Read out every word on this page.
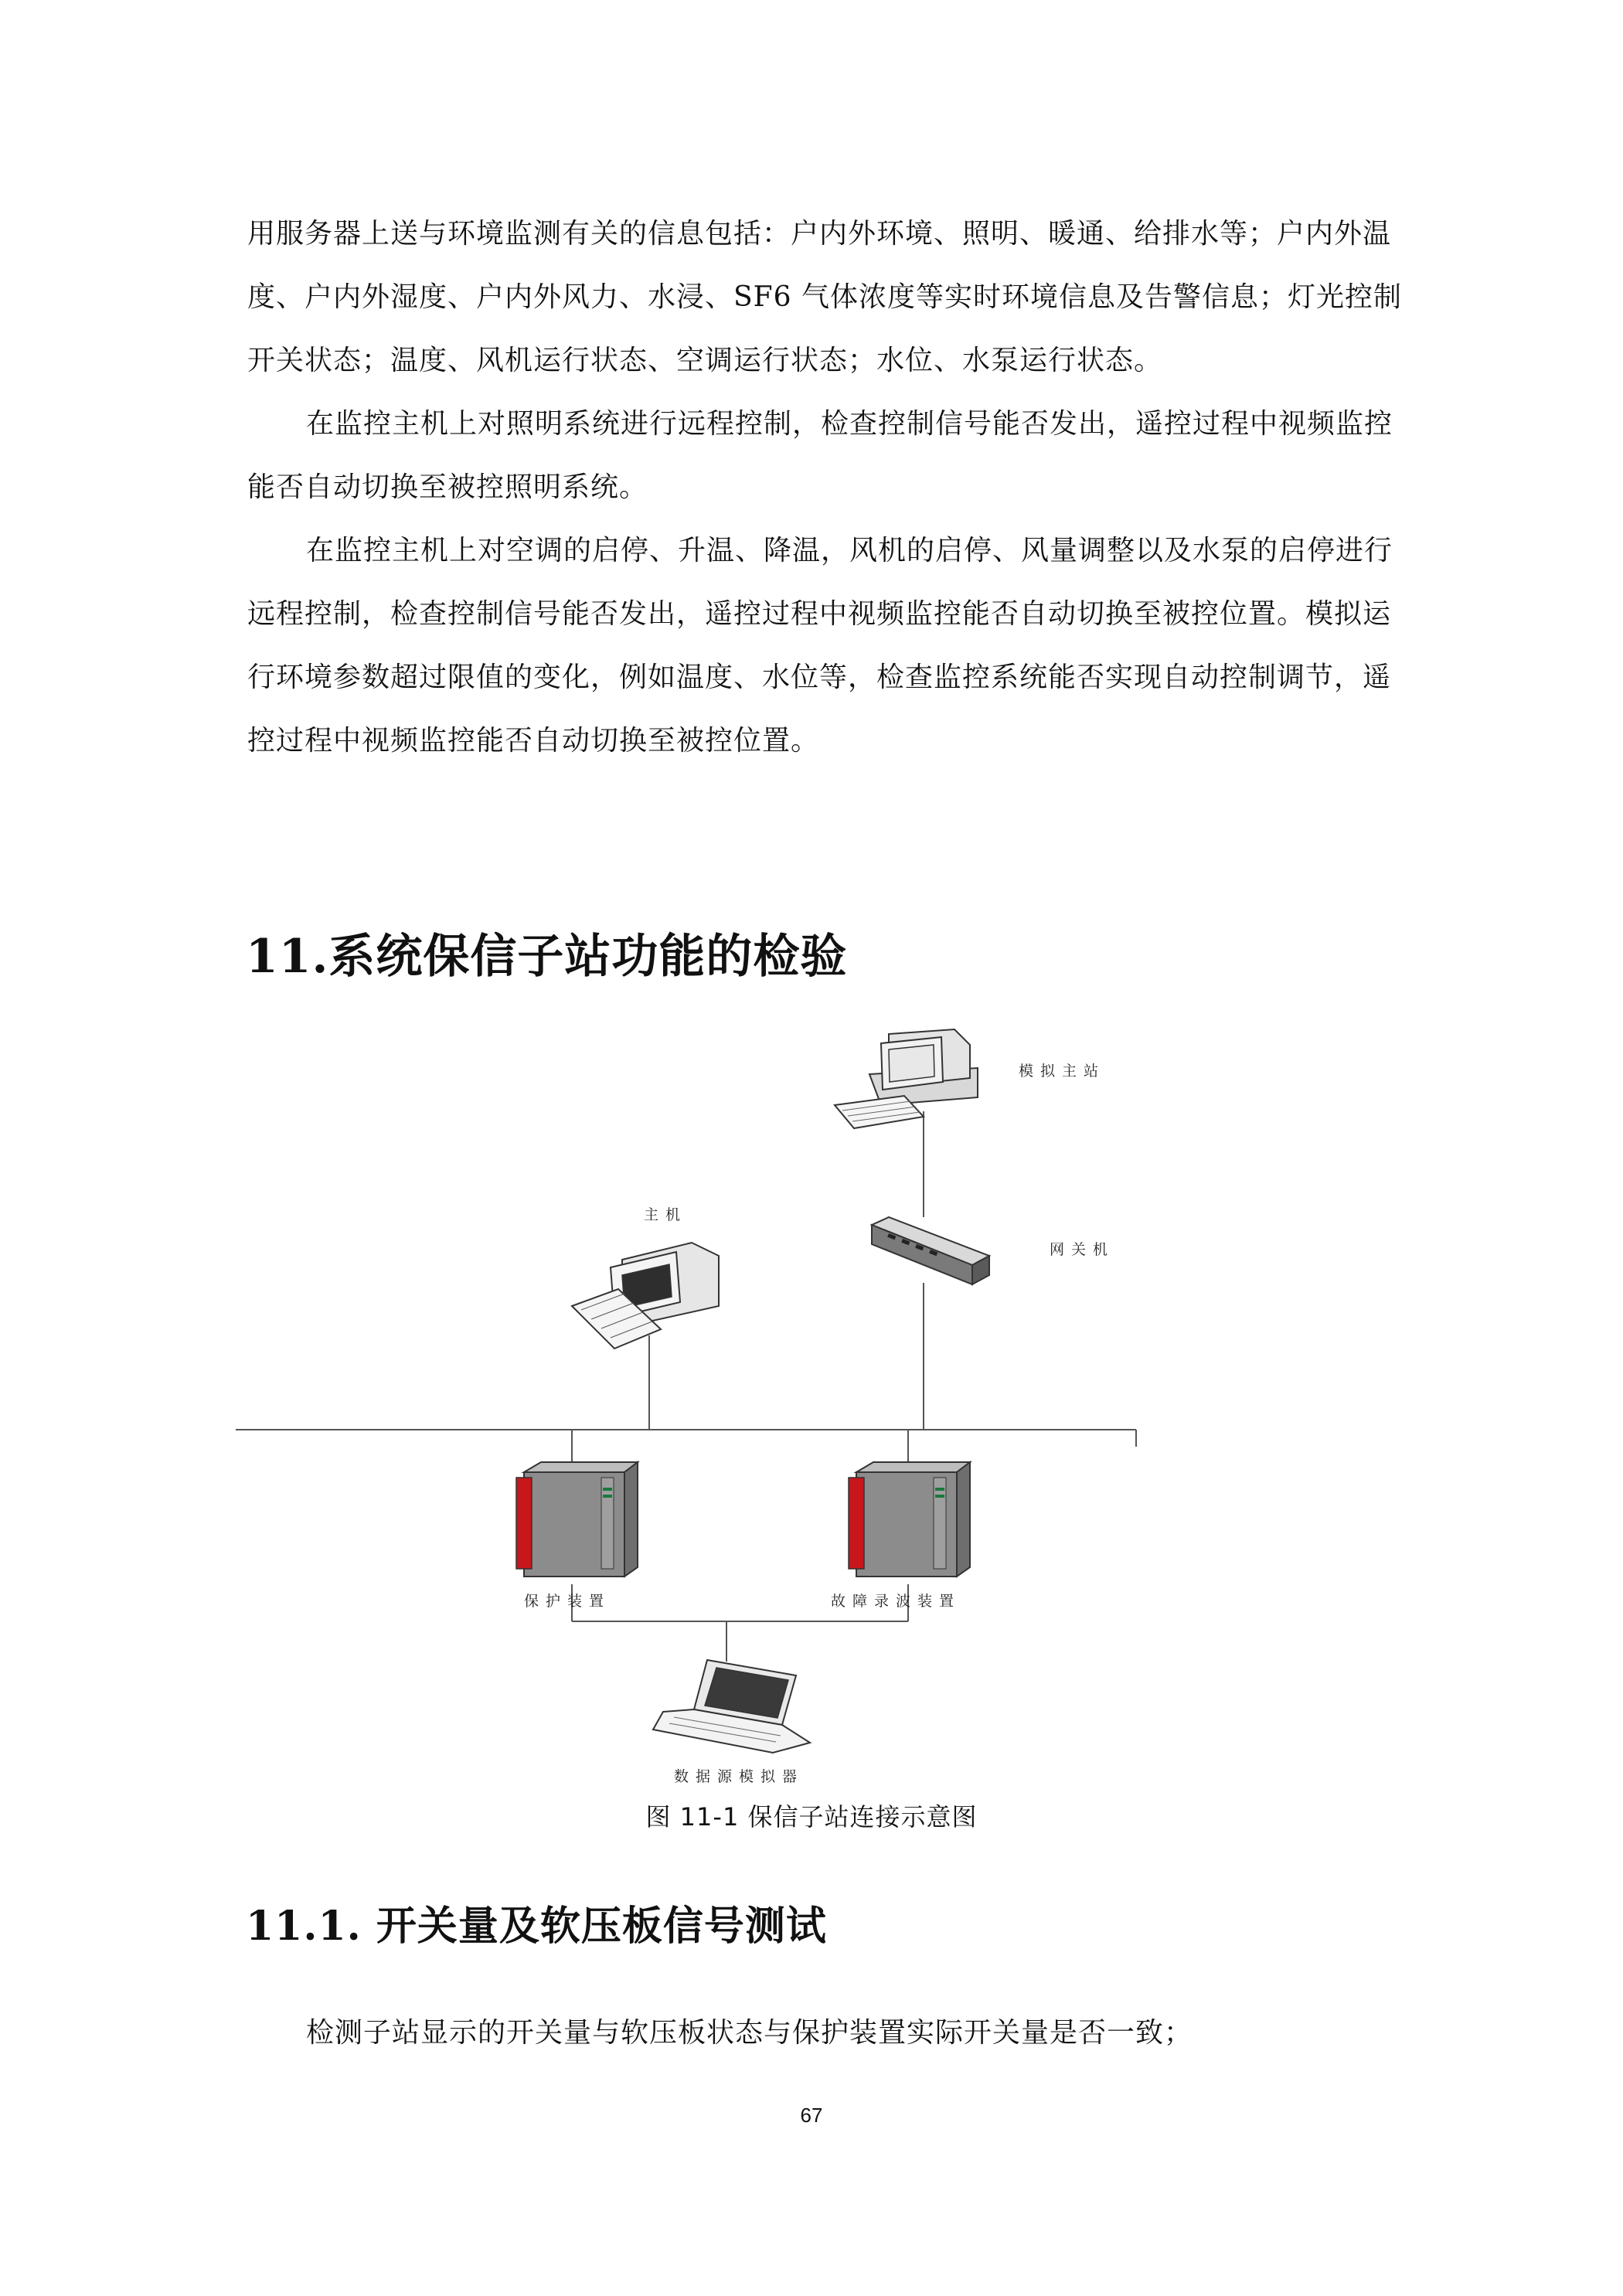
用服务器上送与环境监测有关的信息包括：户内外环境、照明、暖通、给排水等；户内外温
度、户内外湿度、户内外风力、水浸、SF6 气体浓度等实时环境信息及告警信息；灯光控制
开关状态；温度、风机运行状态、空调运行状态；水位、水泵运行状态。
在监控主机上对照明系统进行远程控制，检查控制信号能否发出，遥控过程中视频监控
能否自动切换至被控照明系统。
在监控主机上对空调的启停、升温、降温，风机的启停、风量调整以及水泵的启停进行
远程控制，检查控制信号能否发出，遥控过程中视频监控能否自动切换至被控位置。模拟运
行环境参数超过限值的变化，例如温度、水位等，检查监控系统能否实现自动控制调节，遥
控过程中视频监控能否自动切换至被控位置。
11.系统保信子站功能的检验
模拟主站
网关机
主机
保护装置	故障录波装置
数据源模拟器
图 11-1 保信子站连接示意图
11.1. 开关量及软压板信号测试
检测子站显示的开关量与软压板状态与保护装置实际开关量是否一致；
67
